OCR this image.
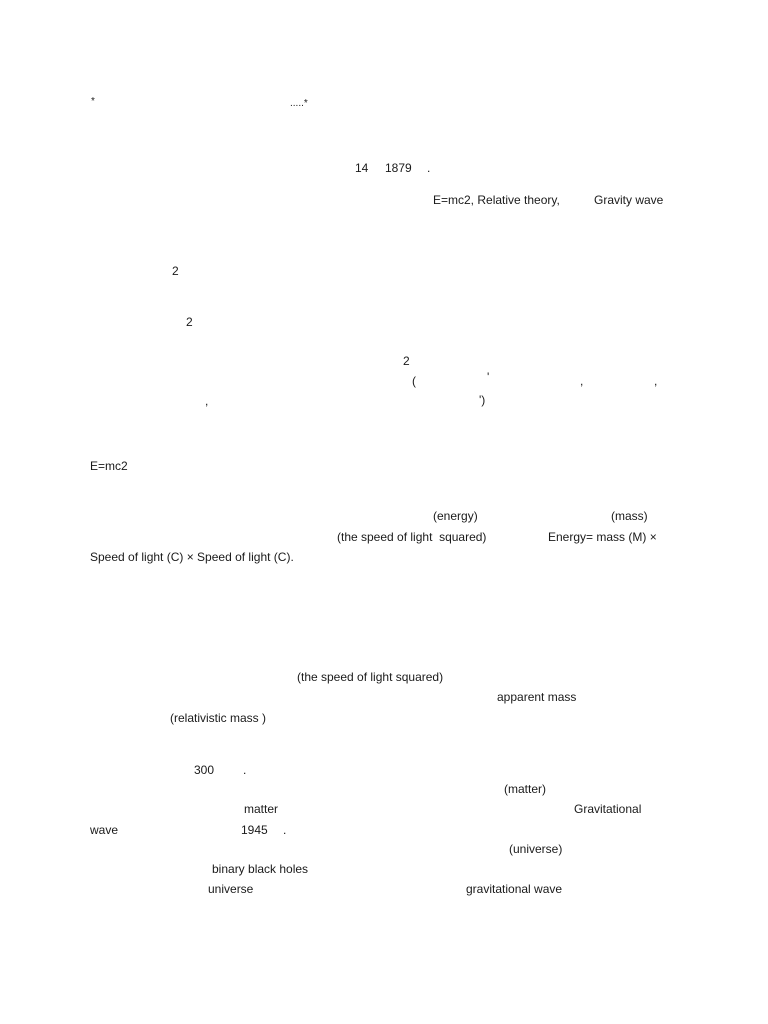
*	.....*
14 1879 .
E=mc2, Relative theory,	Gravity wave
2
2
2
(	'	,	,
,	')
E=mc2
(energy)	(mass)
(the speed of light  squared)	Energy= mass (M) ×
Speed of light (C) × Speed of light (C).
(the speed of light squared)
apparent mass
(relativistic mass )
300 .
(matter)
matter	Gravitational
wave	1945 .
(universe)
binary black holes
universe	gravitational wave
